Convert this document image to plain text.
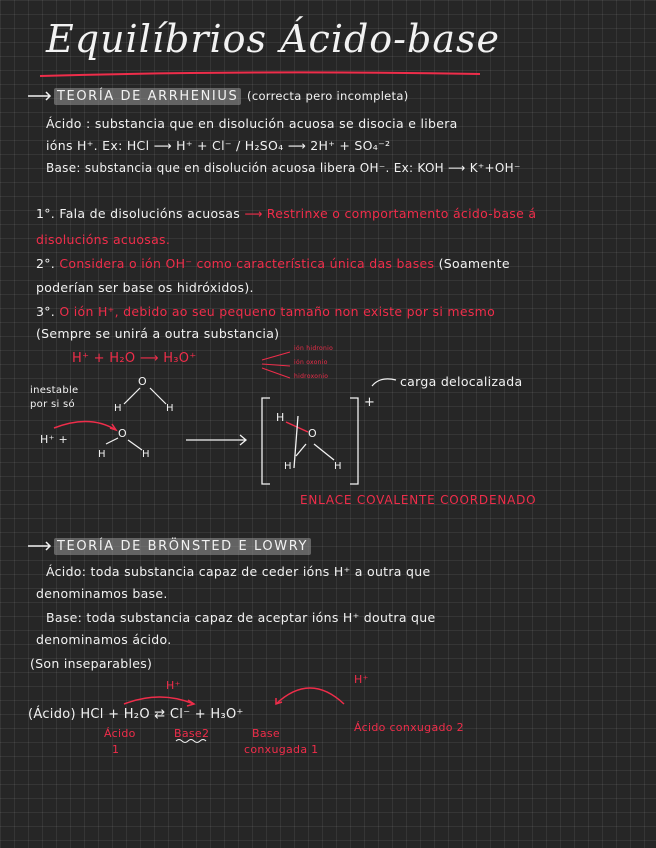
Equilíbrios Ácido-base
TEORÍA DE ARRHENIUS (correcta pero incompleta)
Ácido : substancia que en disolución acuosa se disocia e libera
ións H⁺. Ex: HCl ⟶ H⁺ + Cl⁻ / H₂SO₄ ⟶ 2H⁺ + SO₄⁻²
Base: substancia que en disolución acuosa libera OH⁻. Ex: KOH ⟶ K⁺+OH⁻
1°. Fala de disolucións acuosas ⟶ Restrinxe o comportamento ácido-base á
disolucións acuosas.
2°. Considera o ión OH⁻ como característica única das bases (Soamente
poderían ser base os hidróxidos).
3°. O ión H⁺, debido ao seu pequeno tamaño non existe por si mesmo
(Sempre se unirá a outra substancia)
H⁺ + H₂O ⟶ H₃O⁺
ión hidronio
ión oxonio
hidroxonio	carga delocalizada
+
inestable
por si só
O
H	H
H⁺ +	O
H	H
H
O
H	H
ENLACE COVALENTE COORDENADO
TEORÍA DE BRÖNSTED E LOWRY
Ácido: toda substancia capaz de ceder ións H⁺ a outra que
denominamos base.
Base: toda substancia capaz de aceptar ións H⁺ doutra que
denominamos ácido.
(Son inseparables)
H⁺	H⁺
(Ácido) HCl + H₂O ⇄ Cl⁻ + H₃O⁺
Ácido
1
Base2	Base
conxugada 1
Ácido conxugado 2
